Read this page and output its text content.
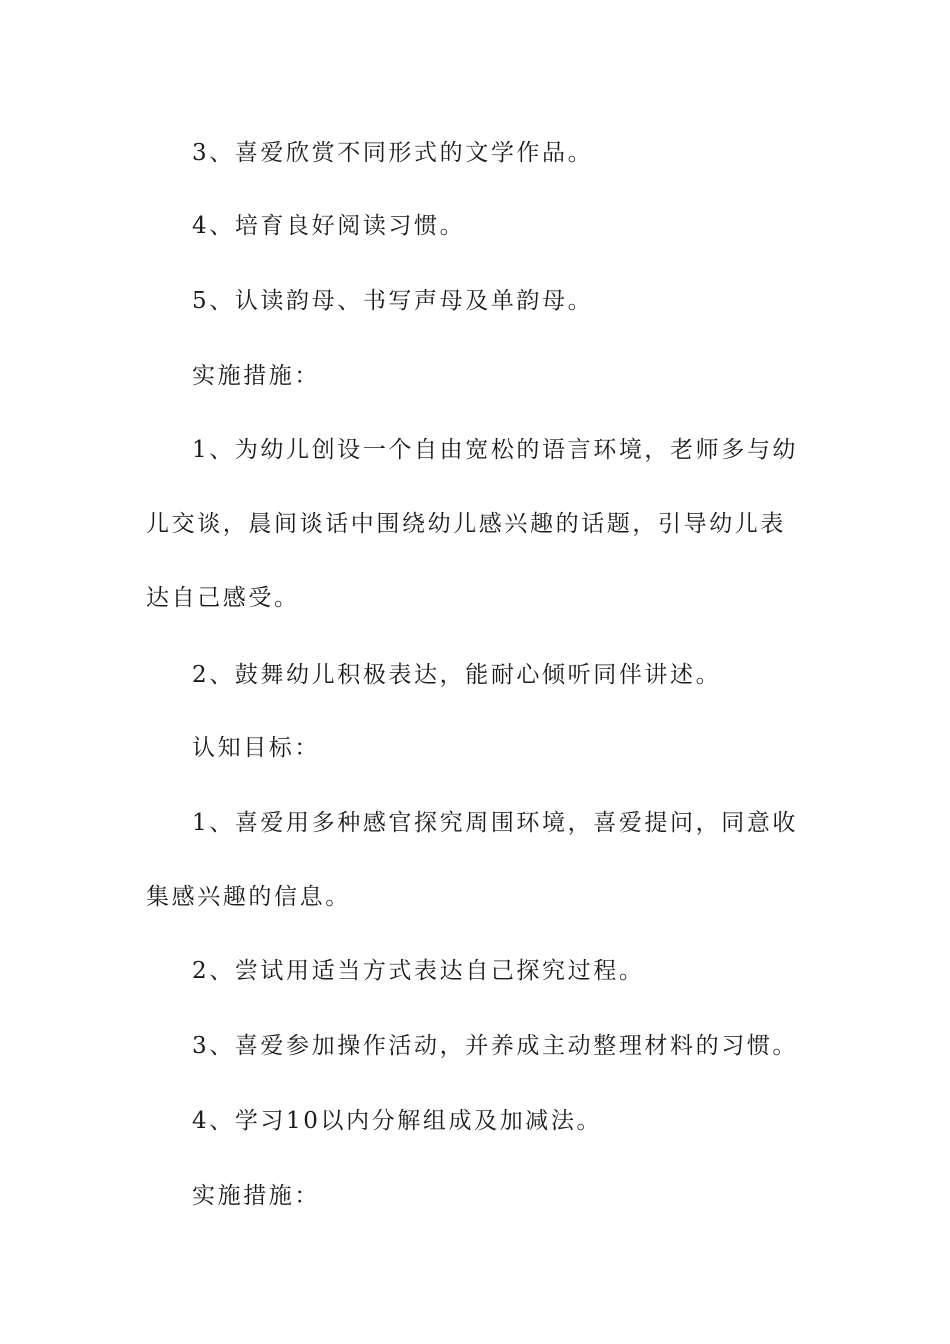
3、喜爱欣赏不同形式的文学作品。

4、培育良好阅读习惯。

5、认读韵母、书写声母及单韵母。

实施措施：

1、为幼儿创设一个自由宽松的语言环境，老师多与幼儿交谈，晨间谈话中围绕幼儿感兴趣的话题，引导幼儿表达自己感受。

2、鼓舞幼儿积极表达，能耐心倾听同伴讲述。

认知目标：

1、喜爱用多种感官探究周围环境，喜爱提问，同意收集感兴趣的信息。

2、尝试用适当方式表达自己探究过程。

3、喜爱参加操作活动，并养成主动整理材料的习惯。

4、学习10以内分解组成及加减法。

实施措施：
